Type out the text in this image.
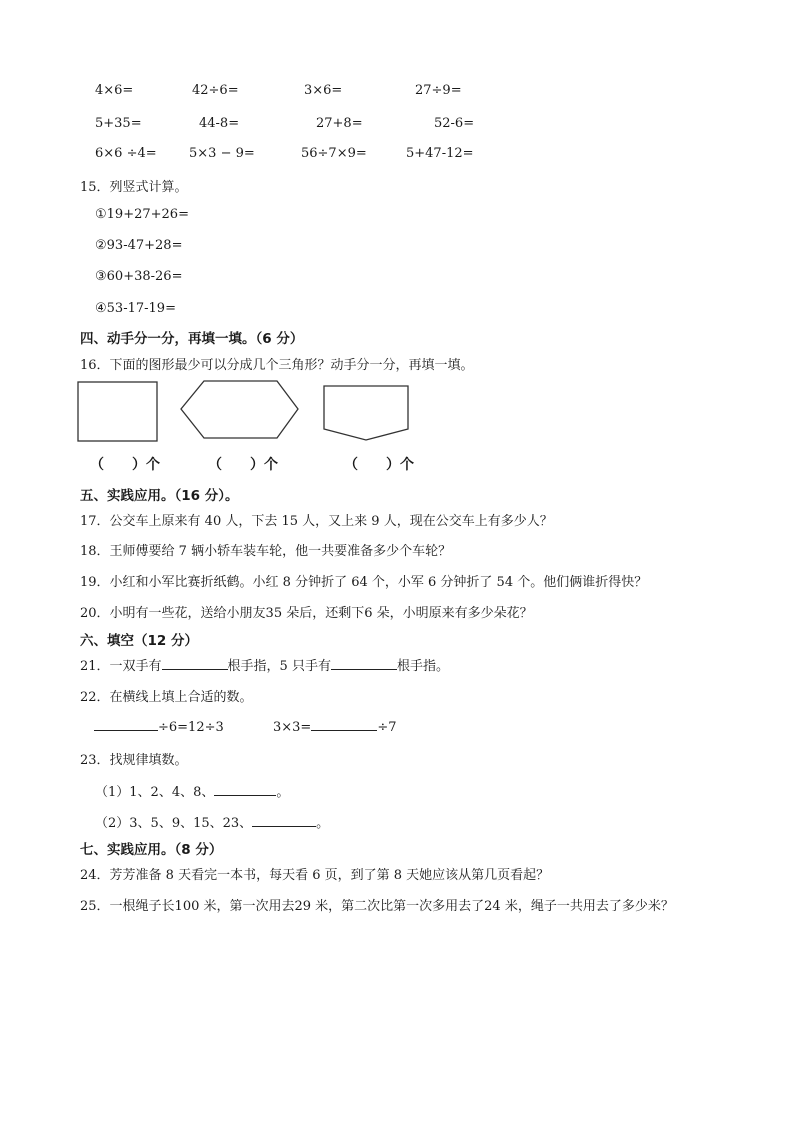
4×6=	42÷6=	3×6=	27÷9=
5+35=	44-8=	27+8=	52-6=
6×6 ÷4= 5×3 − 9=	56÷7×9=	5+47-12=
15．列竖式计算。
①19+27+26=
②93-47+28=
③60+38-26=
④53-17-19=
四、动手分一分，再填一填。（6 分）
16．下面的图形最少可以分成几个三角形？动手分一分，再填一填。
（　　）个	（　　）个	（　　）个
五、实践应用。（16 分）。
17．公交车上原来有 40 人，下去 15 人，又上来 9 人，现在公交车上有多少人？
18．王师傅要给 7 辆小轿车装车轮，他一共要准备多少个车轮？
19．小红和小军比赛折纸鹤。小红 8 分钟折了 64 个，小军 6 分钟折了 54 个。他们俩谁折得快？
20．小明有一些花，送给小朋友35 朵后，还剩下6 朵，小明原来有多少朵花？
六、填空（12 分）
21．一双手有	根手指，5 只手有	根手指。
22．在横线上填上合适的数。
÷6=12÷3	3×3=	÷7
23．找规律填数。
（1）1、2、4、8、	。
（2）3、5、9、15、23、	。
七、实践应用。（8 分）
24．芳芳准备 8 天看完一本书，每天看 6 页，到了第 8 天她应该从第几页看起？
25．一根绳子长100 米，第一次用去29 米，第二次比第一次多用去了24 米，绳子一共用去了多少米？
